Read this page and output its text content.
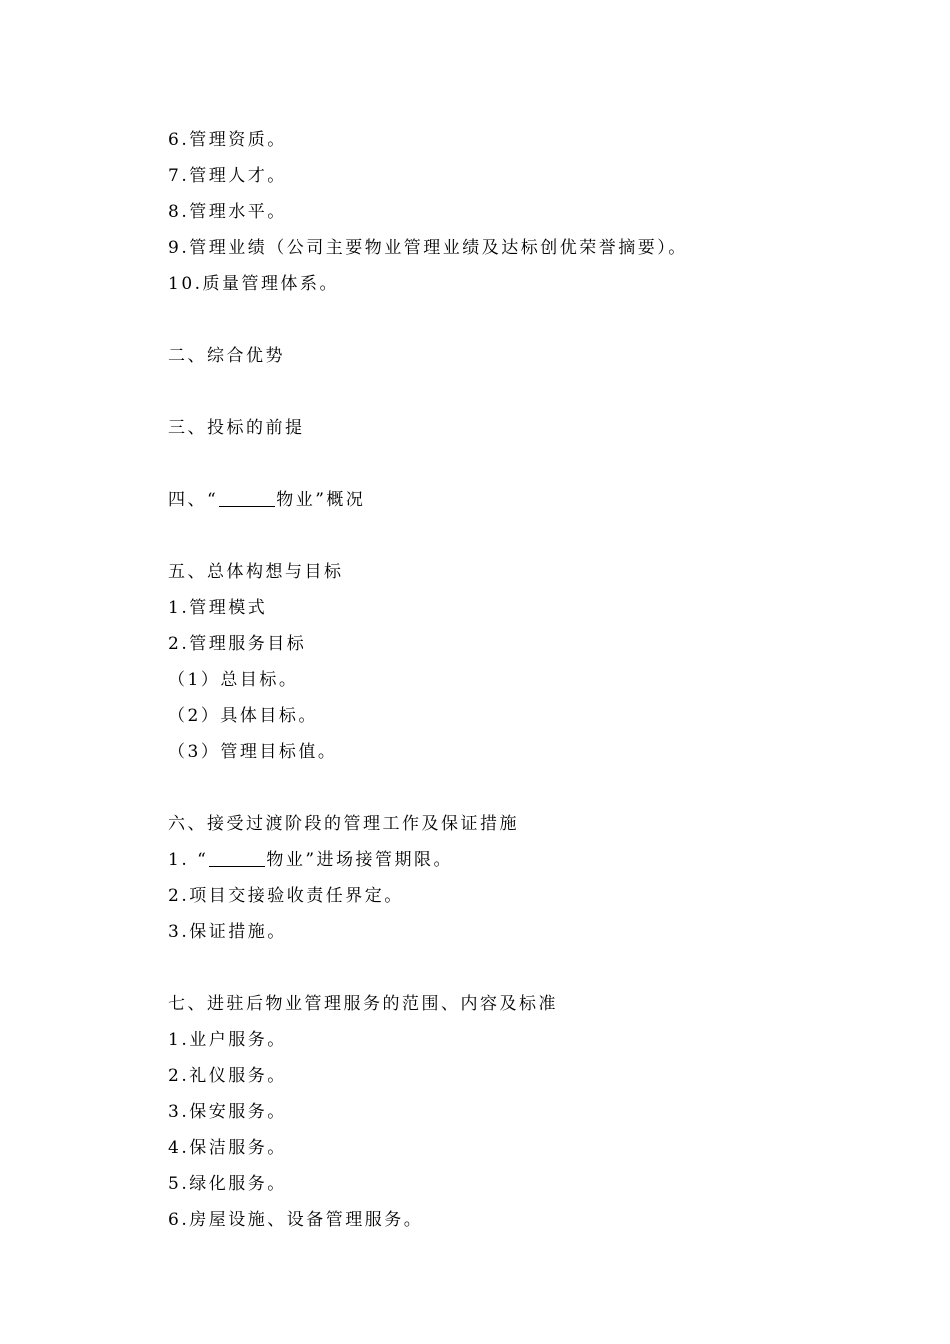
6.管理资质。
7.管理人才。
8.管理水平。
9.管理业绩（公司主要物业管理业绩及达标创优荣誉摘要）。
10.质量管理体系。
二、综合优势
三、投标的前提
四、“	物业”概况
五、总体构想与目标
1.管理模式
2.管理服务目标
（1）总目标。
（2）具体目标。
（3）管理目标值。
六、接受过渡阶段的管理工作及保证措施
1. “	物业”进场接管期限。
2.项目交接验收责任界定。
3.保证措施。
七、进驻后物业管理服务的范围、内容及标准
1.业户服务。
2.礼仪服务。
3.保安服务。
4.保洁服务。
5.绿化服务。
6.房屋设施、设备管理服务。
